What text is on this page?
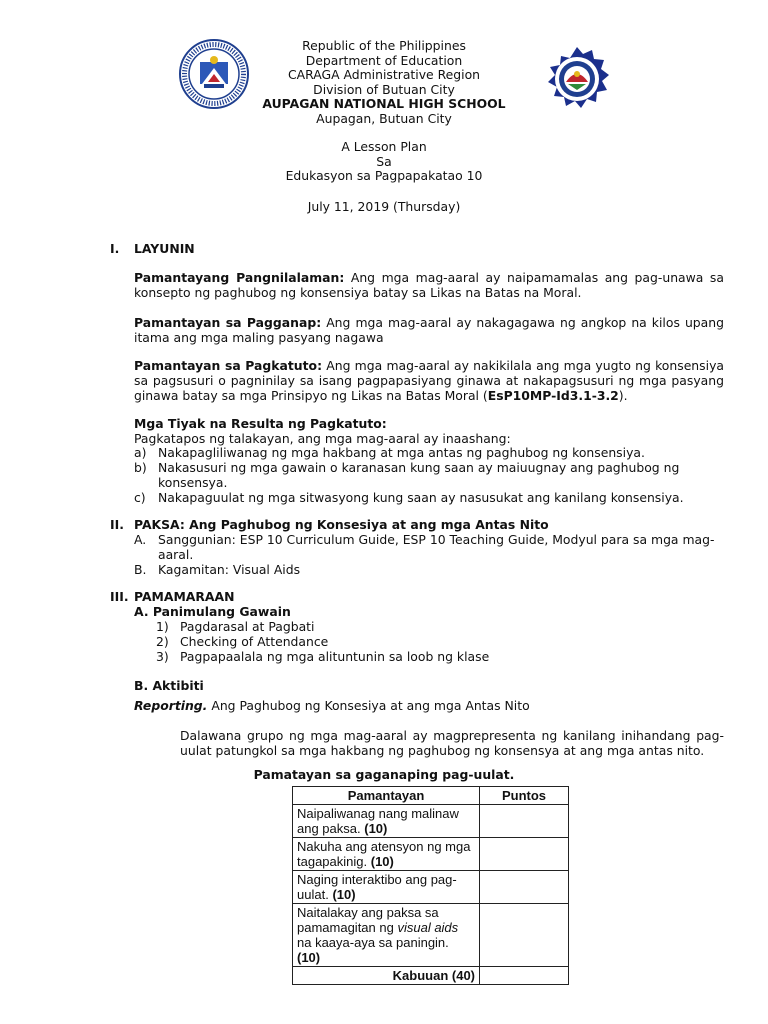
Republic of the Philippines
Department of Education
CARAGA Administrative Region
Division of Butuan City
AUPAGAN NATIONAL HIGH SCHOOL
Aupagan, Butuan City
A Lesson Plan
Sa
Edukasyon sa Pagpapakatao 10
July 11, 2019 (Thursday)
I. LAYUNIN
Pamantayang Pangnilalaman: Ang mga mag-aaral ay naipamamalas ang pag-unawa sa konsepto ng paghubog ng konsensiya batay sa Likas na Batas na Moral.
Pamantayan sa Pagganap: Ang mga mag-aaral ay nakagagawa ng angkop na kilos upang itama ang mga maling pasyang nagawa
Pamantayan sa Pagkatuto: Ang mga mag-aaral ay nakikilala ang mga yugto ng konsensiya sa pagsusuri o pagninilay sa isang pagpapasiyang ginawa at nakapagsusuri ng mga pasyang ginawa batay sa mga Prinsipyo ng Likas na Batas Moral (EsP10MP-Id3.1-3.2).
Mga Tiyak na Resulta ng Pagkatuto:
Pagkatapos ng talakayan, ang mga mag-aaral ay inaashang:
a) Nakapagliliwanag ng mga hakbang at mga antas ng paghubog ng konsensiya.
b) Nakasusuri ng mga gawain o karanasan kung saan ay maiuugnay ang paghubog ng konsensya.
c) Nakapaguulat ng mga sitwasyong kung saan ay nasusukat ang kanilang konsensiya.
II. PAKSA: Ang Paghubog ng Konsesiya at ang mga Antas Nito
A. Sanggunian: ESP 10 Curriculum Guide, ESP 10 Teaching Guide, Modyul para sa mga mag-aaral.
B. Kagamitan: Visual Aids
III. PAMAMARAAN
A. Panimulang Gawain
1) Pagdarasal at Pagbati
2) Checking of Attendance
3) Pagpapaalala ng mga alituntunin sa loob ng klase
B. Aktibiti
Reporting. Ang Paghubog ng Konsesiya at ang mga Antas Nito
Dalawana grupo ng mga mag-aaral ay magprepresenta ng kanilang inihandang pag-uulat patungkol sa mga hakbang ng paghubog ng konsensya at ang mga antas nito.
Pamatayan sa gaganaping pag-uulat.
Pamantayan	Puntos
Naipaliwanag nang malinaw ang paksa. (10)	
Nakuha ang atensyon ng mga tagapakinig. (10)	
Naging interaktibo ang pag-uulat. (10)	
Naitalakay ang paksa sa pamamagitan ng visual aids na kaaya-aya sa paningin. (10)	
Kabuuan (40)	
